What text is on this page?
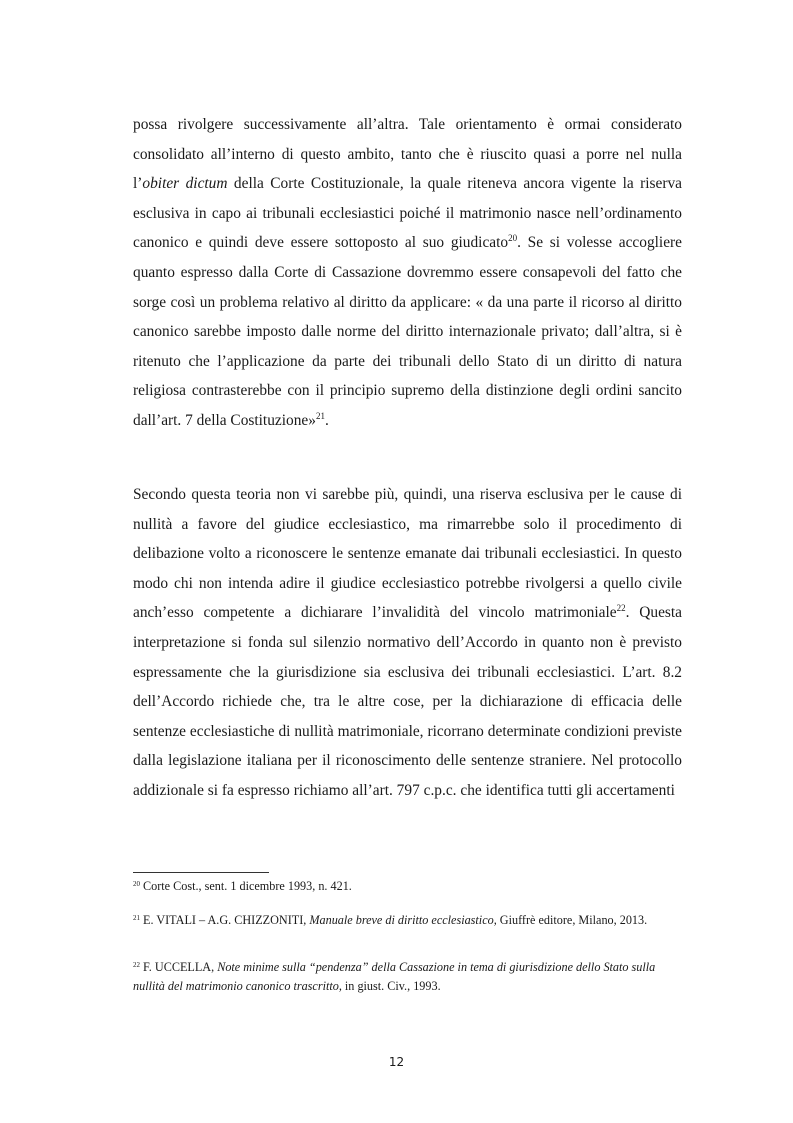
possa rivolgere successivamente all’altra. Tale orientamento è ormai considerato consolidato all’interno di questo ambito, tanto che è riuscito quasi a porre nel nulla l’obiter dictum della Corte Costituzionale, la quale riteneva ancora vigente la riserva esclusiva in capo ai tribunali ecclesiastici poiché il matrimonio nasce nell’ordinamento canonico e quindi deve essere sottoposto al suo giudicato$^{20}$. Se si volesse accogliere quanto espresso dalla Corte di Cassazione dovremmo essere consapevoli del fatto che sorge così un problema relativo al diritto da applicare: « da una parte il ricorso al diritto canonico sarebbe imposto dalle norme del diritto internazionale privato; dall’altra, si è ritenuto che l’applicazione da parte dei tribunali dello Stato di un diritto di natura religiosa contrasterebbe con il principio supremo della distinzione degli ordini sancito dall’art. 7 della Costituzione»$^{21}$.

Secondo questa teoria non vi sarebbe più, quindi, una riserva esclusiva per le cause di nullità a favore del giudice ecclesiastico, ma rimarrebbe solo il procedimento di delibazione volto a riconoscere le sentenze emanate dai tribunali ecclesiastici. In questo modo chi non intenda adire il giudice ecclesiastico potrebbe rivolgersi a quello civile anch’esso competente a dichiarare l’invalidità del vincolo matrimoniale$^{22}$. Questa interpretazione si fonda sul silenzio normativo dell’Accordo in quanto non è previsto espressamente che la giurisdizione sia esclusiva dei tribunali ecclesiastici. L’art. 8.2 dell’Accordo richiede che, tra le altre cose, per la dichiarazione di efficacia delle sentenze ecclesiastiche di nullità matrimoniale, ricorrano determinate condizioni previste dalla legislazione italiana per il riconoscimento delle sentenze straniere. Nel protocollo addizionale si fa espresso richiamo all’art. 797 c.p.c. che identifica tutti gli accertamenti

$^{20}$ Corte Cost., sent. 1 dicembre 1993, n. 421.

$^{21}$ E. VITALI – A.G. CHIZZONITI, Manuale breve di diritto ecclesiastico, Giuffrè editore, Milano, 2013.

$^{22}$ F. UCCELLA, Note minime sulla “pendenza” della Cassazione in tema di giurisdizione dello Stato sulla nullità del matrimonio canonico trascritto, in giust. Civ., 1993.

12
